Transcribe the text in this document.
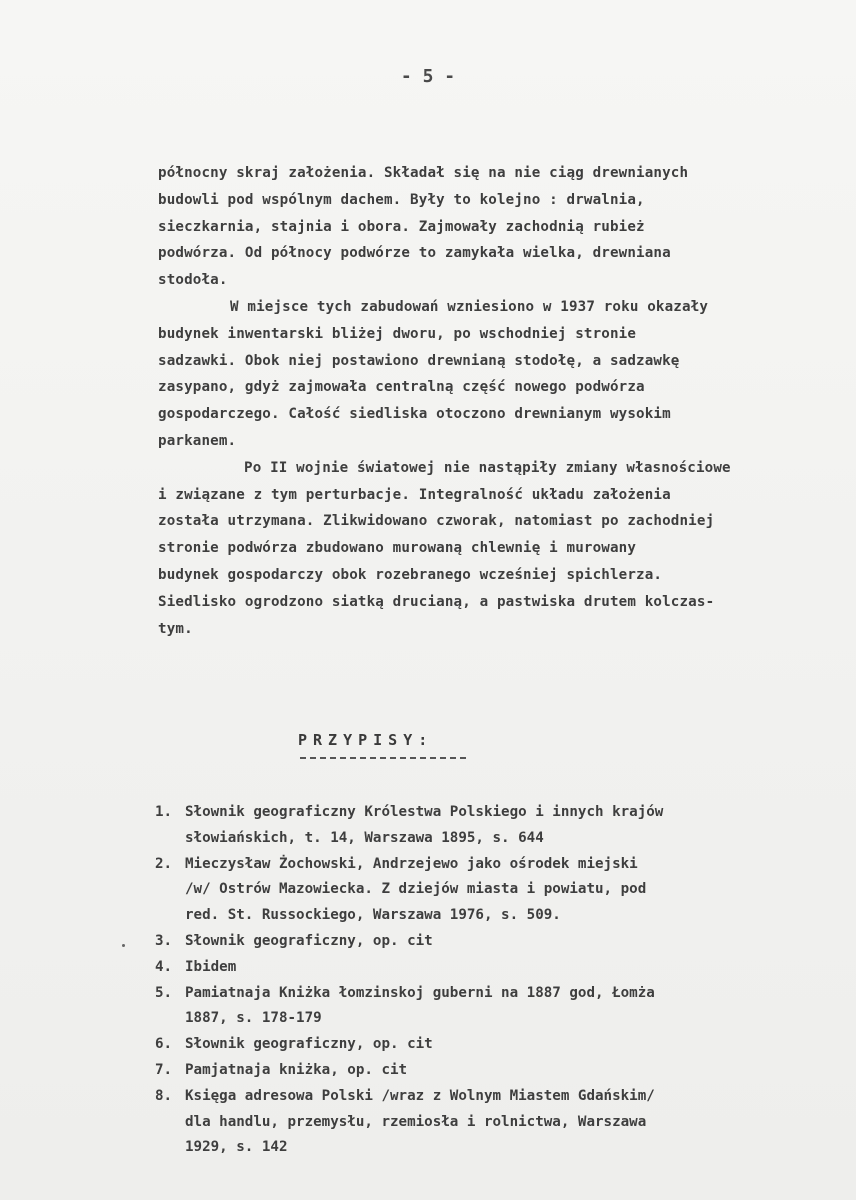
- 5 -
północny skraj założenia. Składał się na nie ciąg drewnianych
budowli pod wspólnym dachem. Były to kolejno : drwalnia,
sieczkarnia, stajnia i obora. Zajmowały zachodnią rubież
podwórza. Od północy podwórze to zamykała wielka, drewniana
stodoła.
W miejsce tych zabudowań wzniesiono w 1937 roku okazały
budynek inwentarski bliżej dworu, po wschodniej stronie
sadzawki. Obok niej postawiono drewnianą stodołę, a sadzawkę
zasypano, gdyż zajmowała centralną część nowego podwórza
gospodarczego. Całość siedliska otoczono drewnianym wysokim
parkanem.
Po II wojnie światowej nie nastąpiły zmiany własnościowe
i związane z tym perturbacje. Integralność układu założenia
została utrzymana. Zlikwidowano czworak, natomiast po zachodniej
stronie podwórza zbudowano murowaną chlewnię i murowany
budynek gospodarczy obok rozebranego wcześniej spichlerza.
Siedlisko ogrodzono siatką drucianą, a pastwiska drutem kolczas-
tym.
PRZYPISY:
1. Słownik geograficzny Królestwa Polskiego i innych krajów
słowiańskich, t. 14, Warszawa 1895, s. 644
2. Mieczysław Żochowski, Andrzejewo jako ośrodek miejski
/w/ Ostrów Mazowiecka. Z dziejów miasta i powiatu, pod
red. St. Russockiego, Warszawa 1976, s. 509.
3. Słownik geograficzny, op. cit
4. Ibidem
5. Pamiatnaja Kniżka łomzinskoj guberni na 1887 god, Łomża
1887, s. 178-179
6. Słownik geograficzny, op. cit
7. Pamjatnaja kniżka, op. cit
8. Księga adresowa Polski /wraz z Wolnym Miastem Gdańskim/
dla handlu, przemysłu, rzemiosła i rolnictwa, Warszawa
1929, s. 142
